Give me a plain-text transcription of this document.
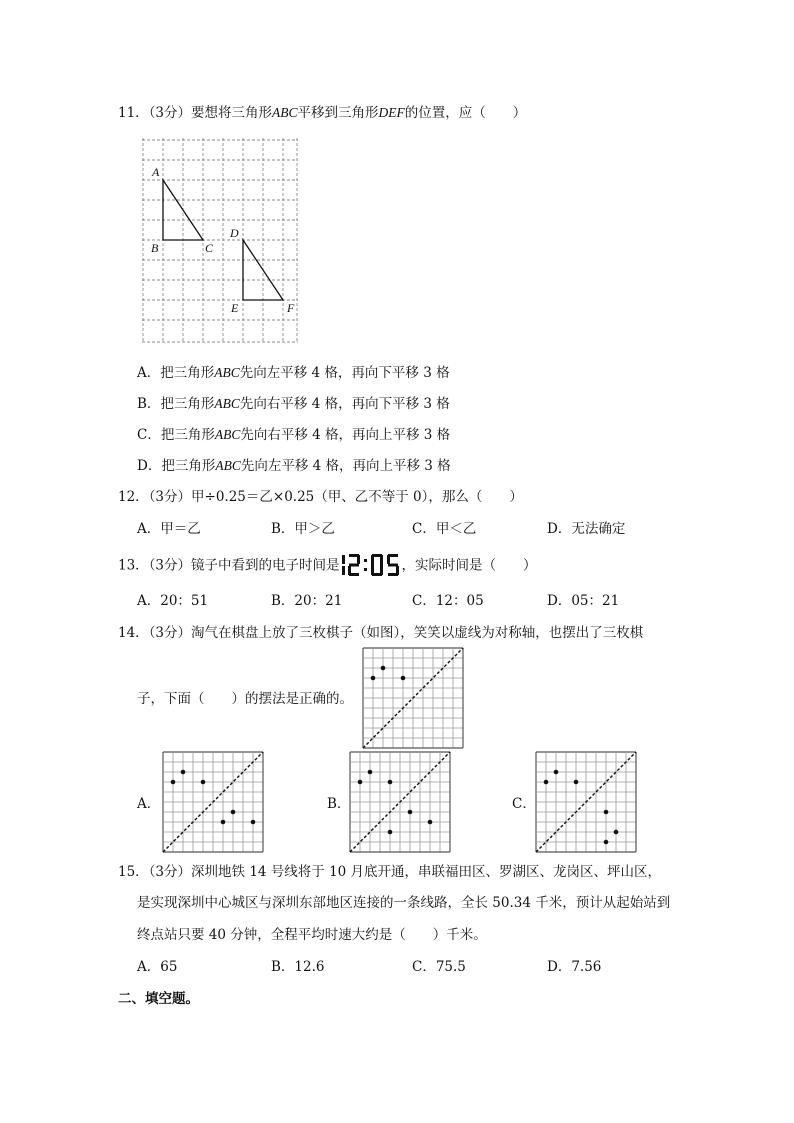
11．（3分）要想将三角形ABC平移到三角形DEF的位置，应（　　）
A
B	C
D
E	F
A．把三角形ABC先向左平移 4 格，再向下平移 3 格
B．把三角形ABC先向右平移 4 格，再向下平移 3 格
C．把三角形ABC先向右平移 4 格，再向上平移 3 格
D．把三角形ABC先向左平移 4 格，再向上平移 3 格
12．（3分）甲÷0.25＝乙×0.25（甲、乙不等于 0），那么（　　）
A．甲＝乙	B．甲＞乙	C．甲＜乙	D．无法确定
13．（3分）镜子中看到的电子时间是	，实际时间是（　　）
A．20：51	B．20：21	C．12：05	D．05：21
14．（3分）淘气在棋盘上放了三枚棋子（如图），笑笑以虚线为对称轴，也摆出了三枚棋
子，下面（　　）的摆法是正确的。
A．	B．	C．
15．（3分）深圳地铁 14 号线将于 10 月底开通，串联福田区、罗湖区、龙岗区、坪山区，
是实现深圳中心城区与深圳东部地区连接的一条线路，全长 50.34 千米，预计从起始站到
终点站只要 40 分钟，全程平均时速大约是（　　）千米。
A．65	B．12.6	C．75.5	D．7.56
二、填空题。
